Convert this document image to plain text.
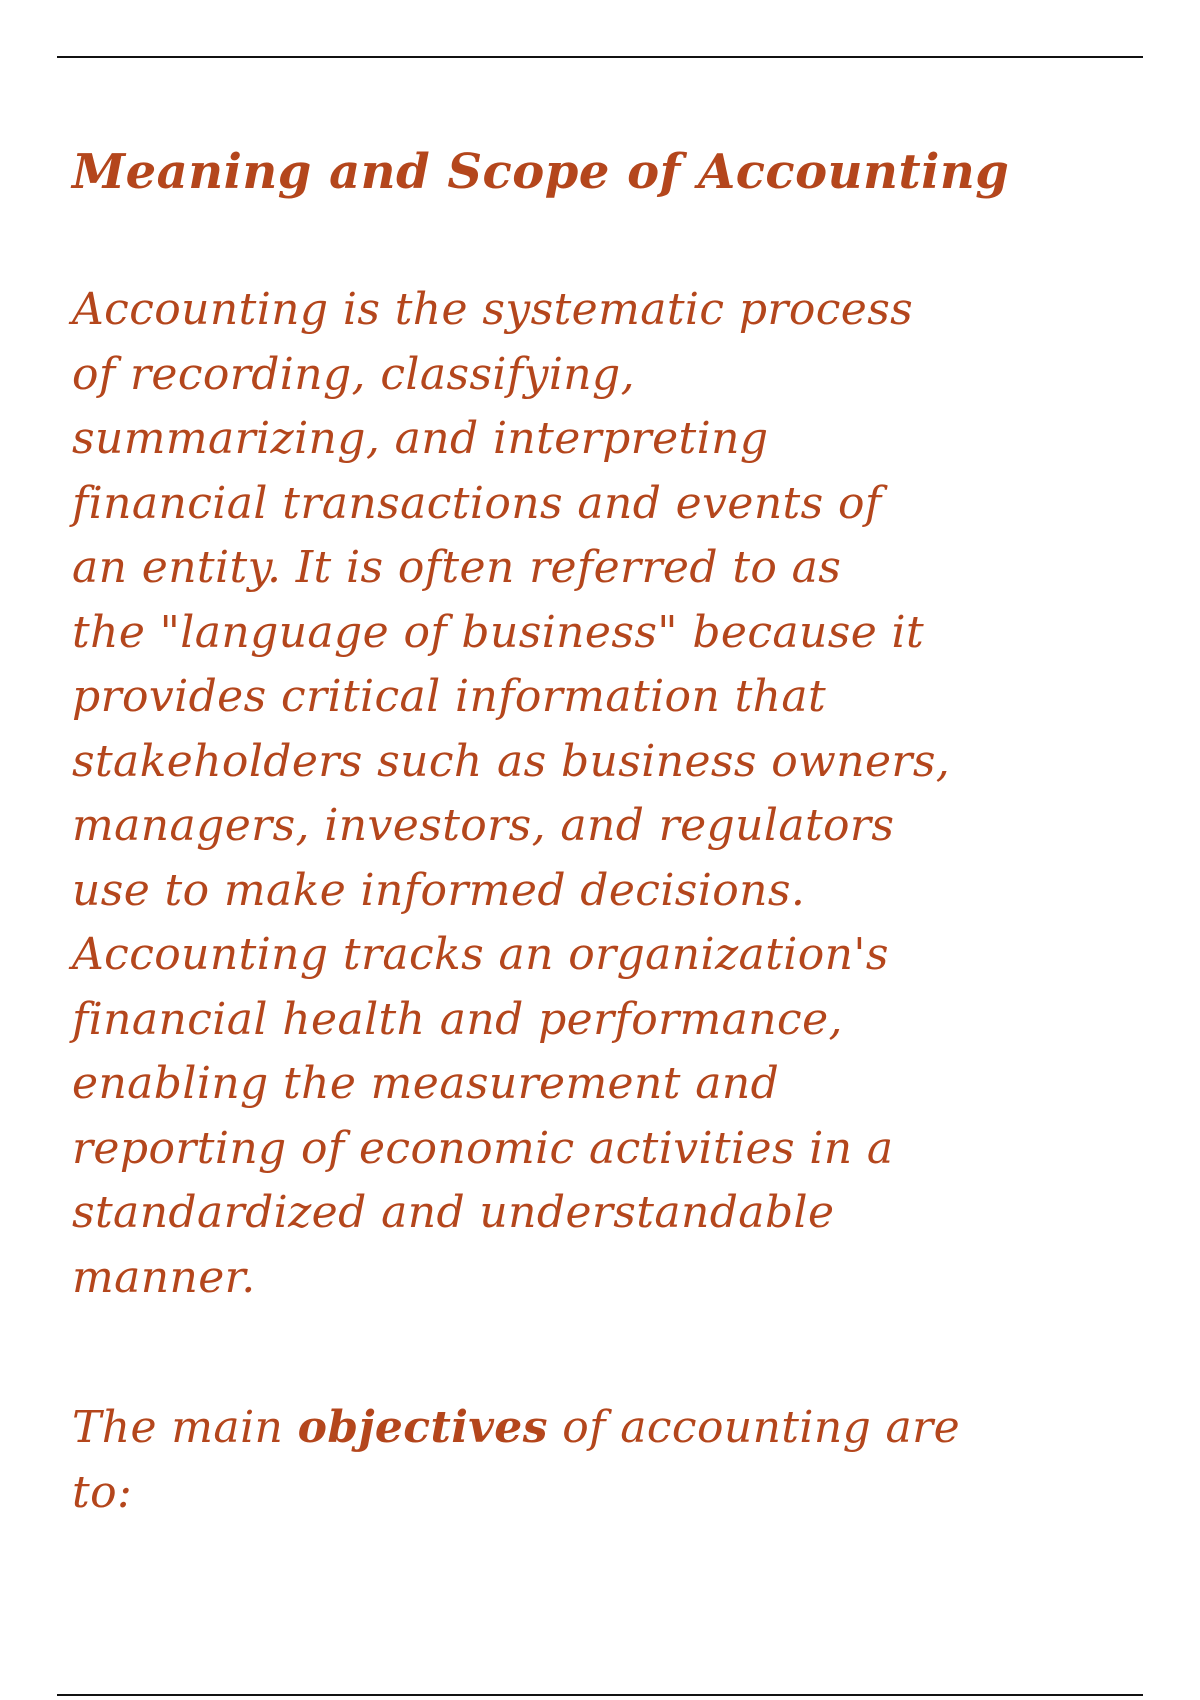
Meaning and Scope of Accounting
Accounting is the systematic process
of recording, classifying,
summarizing, and interpreting
financial transactions and events of
an entity. It is often referred to as
the "language of business" because it
provides critical information that
stakeholders such as business owners,
managers, investors, and regulators
use to make informed decisions.
Accounting tracks an organization's
financial health and performance,
enabling the measurement and
reporting of economic activities in a
standardized and understandable
manner.
The main objectives of accounting are
to:
